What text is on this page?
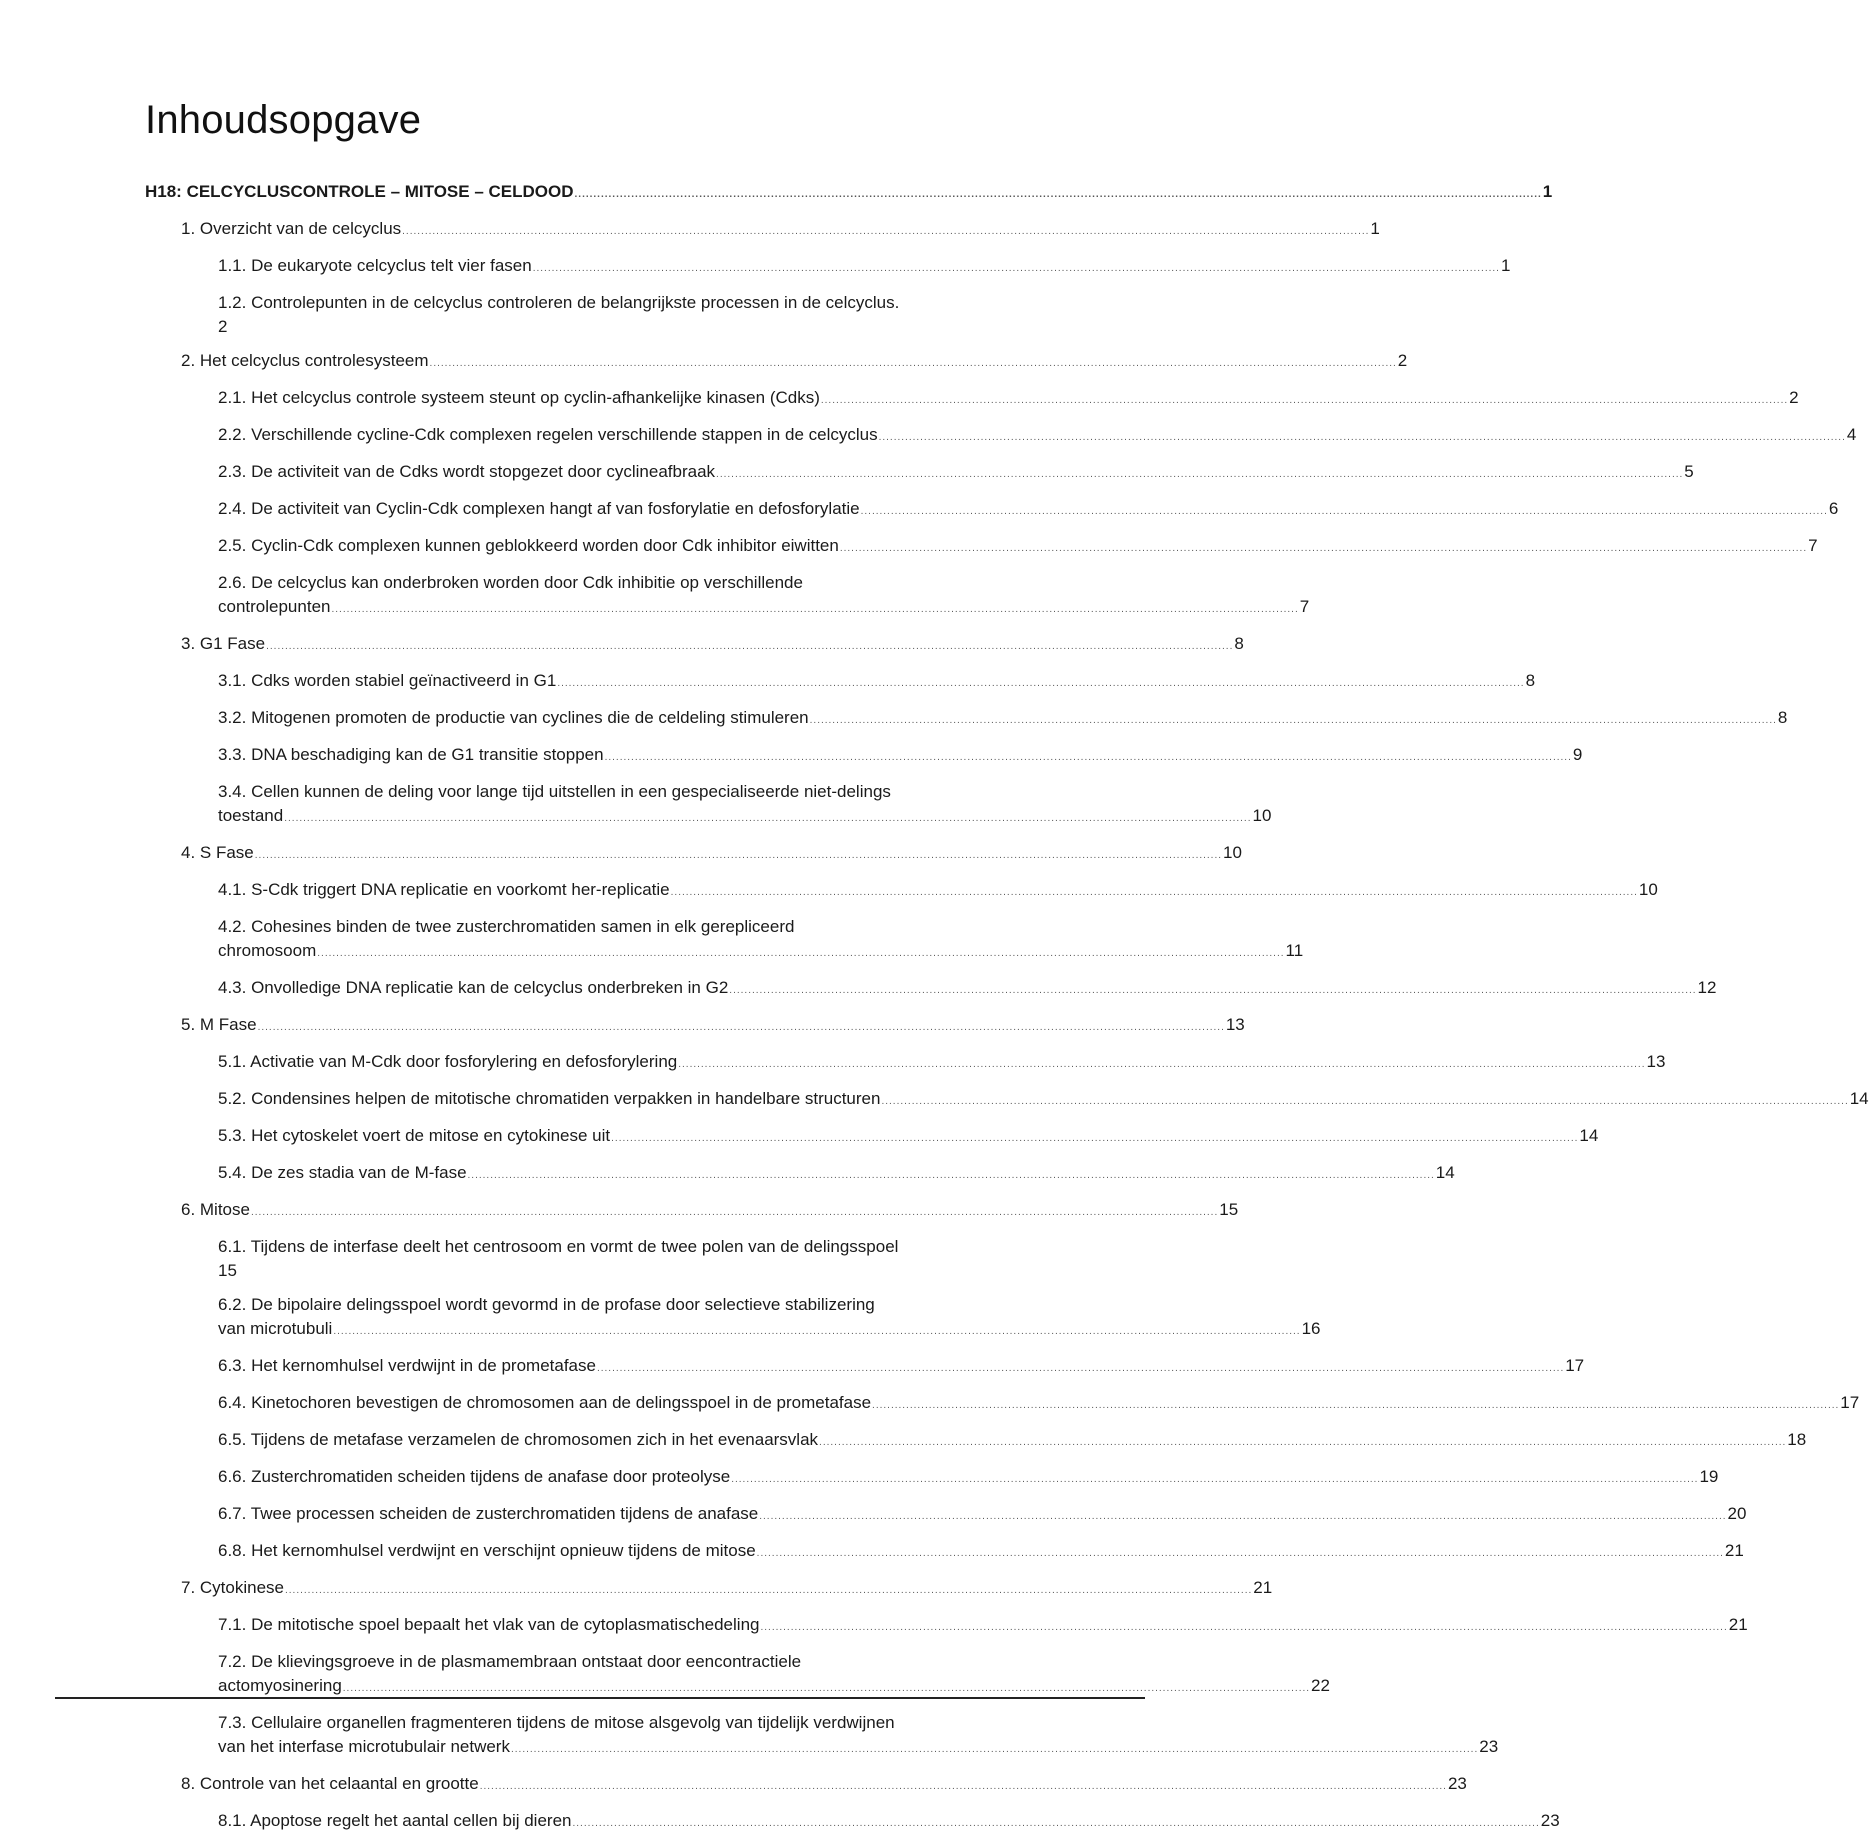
Inhoudsopgave
H18: CELCYCLUSCONTROLE – MITOSE – CELDOOD .....	1
1. Overzicht van de celcyclus .....	1
1.1. De eukaryote celcyclus telt vier fasen .....	1
1.2. Controlepunten in de celcyclus controleren de belangrijkste processen in de celcyclus.
2
2. Het celcyclus controlesysteem .....	2
2.1. Het celcyclus controle systeem steunt op cyclin-afhankelijke kinasen (Cdks) .....	2
2.2. Verschillende cycline-Cdk complexen regelen verschillende stappen in de celcyclus .....	4
2.3. De activiteit van de Cdks wordt stopgezet door cyclineafbraak .....	5
2.4. De activiteit van Cyclin-Cdk complexen hangt af van fosforylatie en defosforylatie .....	6
2.5. Cyclin-Cdk complexen kunnen geblokkeerd worden door Cdk inhibitor eiwitten .....	7
2.6. De celcyclus kan onderbroken worden door Cdk inhibitie op verschillende
controlepunten .....	7
3. G1 Fase .....	8
3.1. Cdks worden stabiel geïnactiveerd in G1 .....	8
3.2. Mitogenen promoten de productie van cyclines die de celdeling stimuleren .....	8
3.3. DNA beschadiging kan de G1 transitie stoppen .....	9
3.4. Cellen kunnen de deling voor lange tijd uitstellen in een gespecialiseerde niet-delings
toestand .....	10
4. S Fase .....	10
4.1. S-Cdk triggert DNA replicatie en voorkomt her-replicatie .....	10
4.2. Cohesines binden de twee zusterchromatiden samen in elk gerepliceerd
chromosoom .....	11
4.3. Onvolledige DNA replicatie kan de celcyclus onderbreken in G2 .....	12
5. M Fase .....	13
5.1. Activatie van M-Cdk door fosforylering en defosforylering .....	13
5.2. Condensines helpen de mitotische chromatiden verpakken in handelbare structuren .....	14
5.3. Het cytoskelet voert de mitose en cytokinese uit .....	14
5.4. De zes stadia van de M-fase .....	14
6. Mitose .....	15
6.1. Tijdens de interfase deelt het centrosoom en vormt de twee polen van de delingsspoel
15
6.2. De bipolaire delingsspoel wordt gevormd in de profase door selectieve stabilizering
van microtubuli .....	16
6.3. Het kernomhulsel verdwijnt in de prometafase .....	17
6.4. Kinetochoren bevestigen de chromosomen aan de delingsspoel in de prometafase .....	17
6.5. Tijdens de metafase verzamelen de chromosomen zich in het evenaarsvlak .....	18
6.6. Zusterchromatiden scheiden tijdens de anafase door proteolyse .....	19
6.7. Twee processen scheiden de zusterchromatiden tijdens de anafase .....	20
6.8. Het kernomhulsel verdwijnt en verschijnt opnieuw tijdens de mitose .....	21
7. Cytokinese .....	21
7.1. De mitotische spoel bepaalt het vlak van de cytoplasmatischedeling .....	21
7.2. De klievingsgroeve in de plasmamembraan ontstaat door eencontractiele
actomyosinering .....	22
7.3. Cellulaire organellen fragmenteren tijdens de mitose alsgevolg van tijdelijk verdwijnen
van het interfase microtubulair netwerk .....	23
8. Controle van het celaantal en grootte .....	23
8.1. Apoptose regelt het aantal cellen bij dieren .....	23
